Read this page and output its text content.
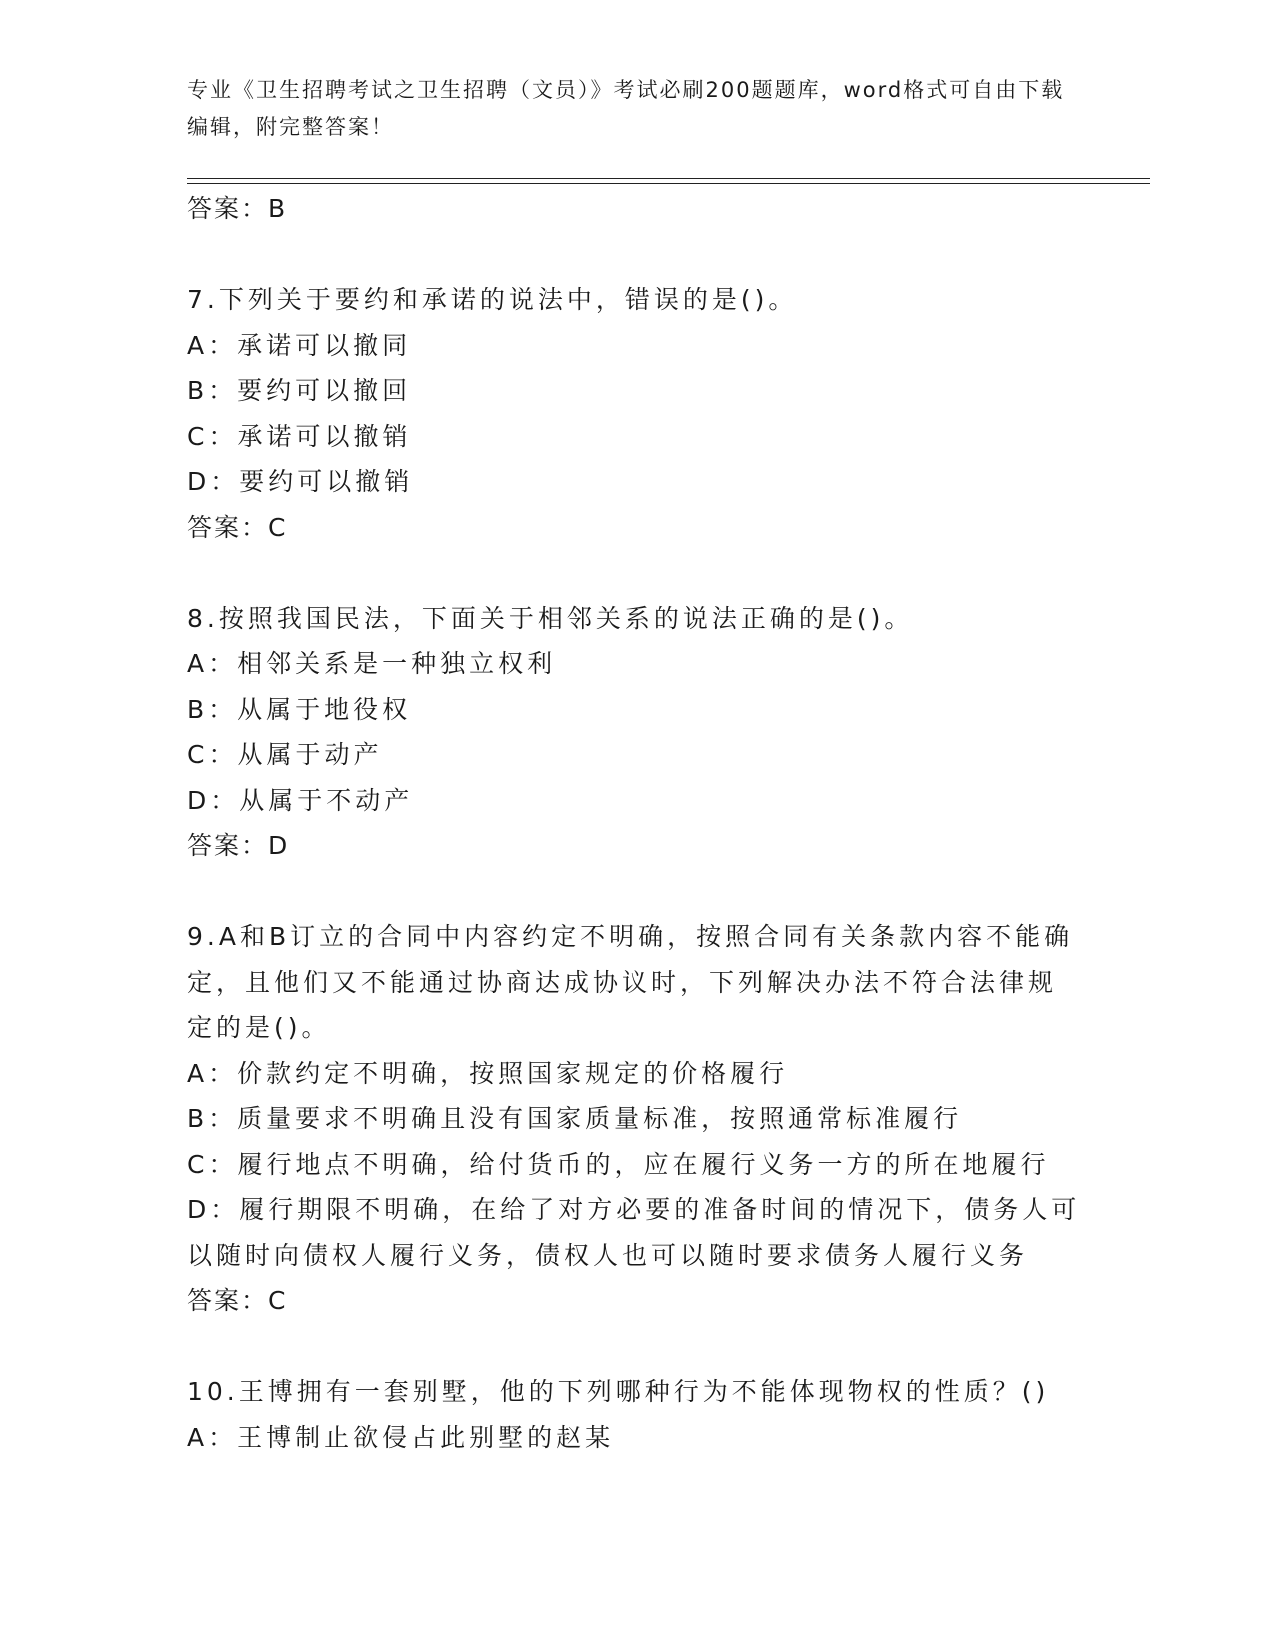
专业《卫生招聘考试之卫生招聘（文员）》考试必刷200题题库，word格式可自由下载编辑，附完整答案！
答案：B
7.下列关于要约和承诺的说法中，错误的是()。
A：承诺可以撤同
B：要约可以撤回
C：承诺可以撤销
D：要约可以撤销
答案：C
8.按照我国民法，下面关于相邻关系的说法正确的是()。
A：相邻关系是一种独立权利
B：从属于地役权
C：从属于动产
D：从属于不动产
答案：D
9.A和B订立的合同中内容约定不明确，按照合同有关条款内容不能确
定，且他们又不能通过协商达成协议时，下列解决办法不符合法律规
定的是()。
A：价款约定不明确，按照国家规定的价格履行
B：质量要求不明确且没有国家质量标准，按照通常标准履行
C：履行地点不明确，给付货币的，应在履行义务一方的所在地履行
D：履行期限不明确，在给了对方必要的准备时间的情况下，债务人可
以随时向债权人履行义务，债权人也可以随时要求债务人履行义务
答案：C
10.王博拥有一套别墅，他的下列哪种行为不能体现物权的性质？()
A：王博制止欲侵占此别墅的赵某
